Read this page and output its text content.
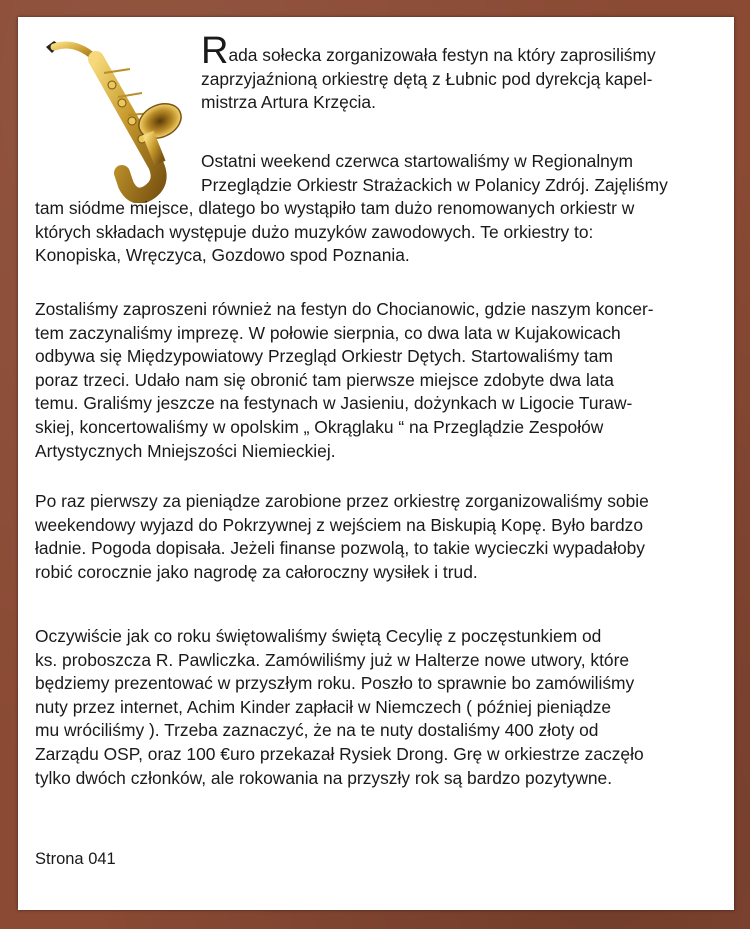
Rada sołecka zorganizowała festyn na który zaprosiliśmy
zaprzyjaźnioną orkiestrę dętą z Łubnic pod dyrekcją kapel-
mistrza Artura Krzęcia.
Ostatni weekend czerwca startowaliśmy w Regionalnym
Przeglądzie Orkiestr Strażackich w Polanicy Zdrój. Zajęliśmy
tam siódme miejsce, dlatego bo wystąpiło tam dużo renomowanych orkiestr w
których składach występuje dużo muzyków zawodowych. Te orkiestry to:
Konopiska, Wręczyca, Gozdowo spod Poznania.
Zostaliśmy zaproszeni również na festyn do Chocianowic, gdzie naszym koncer-
tem zaczynaliśmy imprezę. W połowie sierpnia, co dwa lata w Kujakowicach
odbywa się Międzypowiatowy Przegląd Orkiestr Dętych. Startowaliśmy tam
poraz trzeci. Udało nam się obronić tam pierwsze miejsce zdobyte dwa lata
temu. Graliśmy jeszcze na festynach w Jasieniu, dożynkach w Ligocie Turaw-
skiej, koncertowaliśmy w opolskim „ Okrąglaku “ na Przeglądzie Zespołów
Artystycznych Mniejszości Niemieckiej.
Po raz pierwszy za pieniądze zarobione przez orkiestrę zorganizowaliśmy sobie
weekendowy wyjazd do Pokrzywnej z wejściem na Biskupią Kopę. Było bardzo
ładnie. Pogoda dopisała. Jeżeli finanse pozwolą, to takie wycieczki wypadałoby
robić corocznie jako nagrodę za całoroczny wysiłek i trud.
Oczywiście jak co roku świętowaliśmy świętą Cecylię z poczęstunkiem od
ks. proboszcza R. Pawliczka. Zamówiliśmy już w Halterze nowe utwory, które
będziemy prezentować w przyszłym roku. Poszło to sprawnie bo zamówiliśmy
nuty przez internet, Achim Kinder zapłacił w Niemczech ( później pieniądze
mu wróciliśmy ). Trzeba zaznaczyć, że na te nuty dostaliśmy 400 złoty od
Zarządu OSP, oraz 100 €uro przekazał Rysiek Drong. Grę w orkiestrze zaczęło
tylko dwóch członków, ale rokowania na przyszły rok są bardzo pozytywne.
Strona 041
